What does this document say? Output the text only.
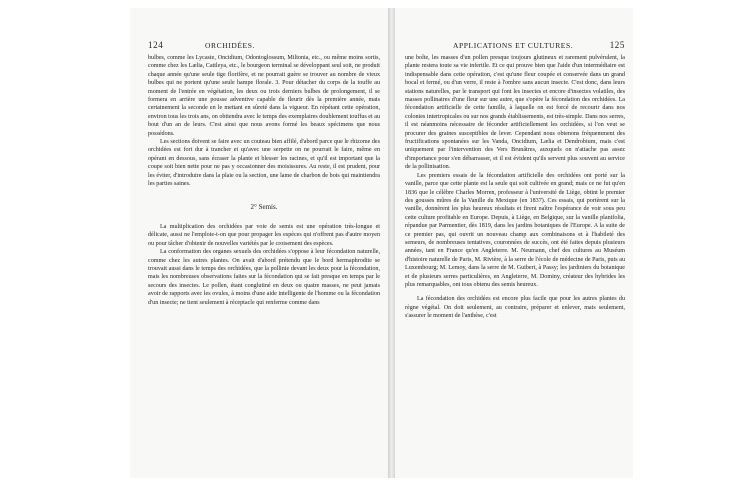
124	ORCHIDÉES.

bulbes, comme les Lycaste, Oncidium, Odontoglossum, Miltonia, etc., ou même moins sortis, comme chez les Lælia, Cattleya, etc., le bourgeon terminal se développant seul soit, ne produit chaque année qu'une seule tige florifère, et ne pourrait guère se trouver au nombre de vieux bulbes qui ne portent qu'une seule hampe florale. 3. Pour détacher du corps de la touffe au moment de l'entrée en végétation, les deux ou trois derniers bulbes de prolongement, il se formera en arrière une pousse adventive capable de fleurir dès la première année, mais certainement la seconde en le mettant en sûreté dans la vigueur. En répétant cette opération, environ tous les trois ans, on obtiendra avec le temps des exemplaires doublement touffus et au bout d'un an de leurs. C'est ainsi que nous avons formé les beaux spécimens que nous possédons.

Les sections doivent se faire avec un couteau bien affilé, d'abord parce que le rhizome des orchidées est fort dur à trancher et qu'avec une serpette on ne pourrait le faire, même en opérant en dessous, sans écraser la plante et blesser les racines, et qu'il est important que la coupe soit bien nette pour ne pas y occasionner des moisissures. Au reste, il est prudent, pour les éviter, d'introduire dans la plaie ou la section, une lame de charbon de bois qui maintiendra les parties saines.

2° Semis.

La multiplication des orchidées par voie de semis est une opération très-longue et délicate, aussi ne l'emploie-t-on que pour propager les espèces qui n'offrent pas d'autre moyen ou pour tâcher d'obtenir de nouvelles variétés par le croisement des espèces.

La conformation des organes sexuels des orchidées s'oppose à leur fécondation naturelle, comme chez les autres plantes. On avait d'abord prétendu que le bord hermaphrodite se trouvait aussi dans le temps des orchidées, que la pollinie devant les deux pour la fécondation, mais les nombreuses observations faites sur la fécondation qui se fait presque en temps par le secours des insectes. Le pollen, étant conglutiné en deux ou quatre masses, ne peut jamais avoir de rapports avec les ovules, à moins d'une aide intelligente de l'homme ou la fécondation d'un insecte; ne tient seulement à réceptacle qui renferme comme dans

APPLICATIONS ET CULTURES.	125

une boîte, les masses d'un pollen presque toujours glutineux et rarement pulvérulent, la plante restera toute sa vie infertile. Et ce qui prouve bien que l'aide d'un intermédiaire est indispensable dans cette opération, c'est qu'une fleur coupée et conservée dans un grand bocal et fermé, ou d'un verre, il reste à l'ombre sans aucun insecte. C'est donc, dans leurs stations naturelles, par le transport qui font les insectes et encore d'insectes volatiles, des masses pollinaires d'une fleur sur une autre, que s'opère la fécondation des orchidées. La fécondation artificielle de cette famille, à laquelle on est forcé de recourir dans nos colonies intertropicales ou sur nos grands établissements, est très-simple. Dans nos serres, il est néanmoins nécessaire de féconder artificiellement les orchidées, si l'on veut se procurer des graines susceptibles de lever. Cependant nous obtenons fréquemment des fructifications spontanées sur les Vanda, Oncidium, Lælia et Dendrobium, mais c'est uniquement par l'intervention des Vers Brunâtres, auxquels on n'attache pas assez d'importance pour s'en débarrasser, et il est évident qu'ils servent plus souvent au service de la pollinisation.

Les premiers essais de la fécondation artificielle des orchidées ont porté sur la vanille, parce que cette plante est la seule qui soit cultivée en grand; mais ce ne fut qu'en 1836 que le célèbre Charles Morren, professeur à l'université de Liège, obtint le premier des gousses mûres de la Vanille du Mexique (en 1837). Ces essais, qui portèrent sur la vanille, donnèrent les plus heureux résultats et firent naître l'espérance de voir sous peu cette culture profitable en Europe. Depuis, à Liège, en Belgique, sur la vanille planifolia, répandue par Parmentier, dès 1819, dans les jardins botaniques de l'Europe. A la suite de ce premier pas, qui ouvrit un nouveau champ aux combinaisons et à l'habileté des semeurs, de nombreuses tentatives, couronnées de succès, ont été faites depuis plusieurs années, tant en France qu'en Angleterre. M. Neumann, chef des cultures au Muséum d'histoire naturelle de Paris, M. Rivière, à la serre de l'école de médecine de Paris, puis au Luxembourg; M. Lemoy, dans la serre de M. Guibert, à Passy; les jardiniers du botanique et de plusieurs serres particulières, en Angleterre, M. Dominy, créateur des hybrides les plus remarquables, ont tous obtenu des semis heureux.

La fécondation des orchidées est encore plus facile que pour les autres plantes du règne végétal. On doit seulement, au contraire, préparer et enlever, mais seulement, s'assurer le moment de l'anthèse, c'est
